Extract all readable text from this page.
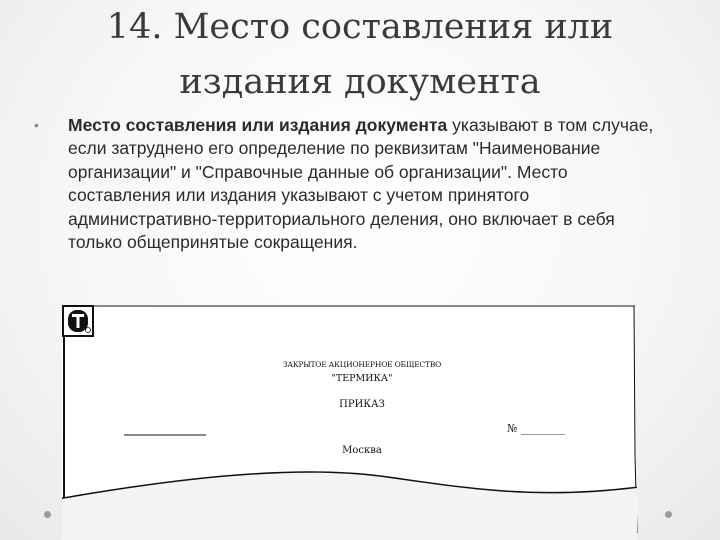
14. Место составления или
издания документа
• Место составления или издания документа указывают в том случае, если затруднено его определение по реквизитам "Наименование организации" и "Справочные данные об организации". Место составления или издания указывают с учетом принятого административно-территориального деления, оно включает в себя только общепринятые сокращения.

ЗАКРЫТОЕ АКЦИОНЕРНОЕ ОБЩЕСТВО
"ТЕРМИКА"
ПРИКАЗ
№ ________
Москва
